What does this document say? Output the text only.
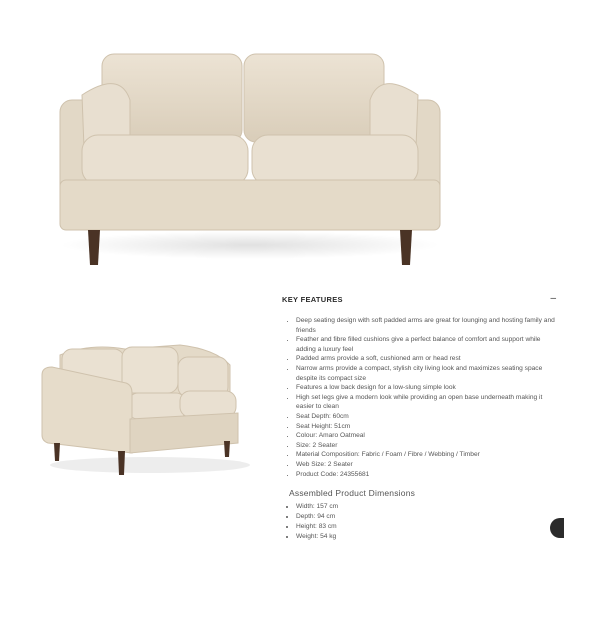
KEY FEATURES	–
• Deep seating design with soft padded arms are great for lounging and hosting family and friends
• Feather and fibre filled cushions give a perfect balance of comfort and support while adding a luxury feel
• Padded arms provide a soft, cushioned arm or head rest
• Narrow arms provide a compact, stylish city living look and maximizes seating space despite its compact size
• Features a low back design for a low-slung simple look
• High set legs give a modern look while providing an open base underneath making it easier to clean
• Seat Depth: 60cm
• Seat Height: 51cm
• Colour: Amaro Oatmeal
• Size: 2 Seater
• Material Composition: Fabric / Foam / Fibre / Webbing / Timber
• Web Size: 2 Seater
• Product Code: 24355681
Assembled Product Dimensions
• Width: 157 cm
• Depth: 94 cm
• Height: 83 cm
• Weight: 54 kg
